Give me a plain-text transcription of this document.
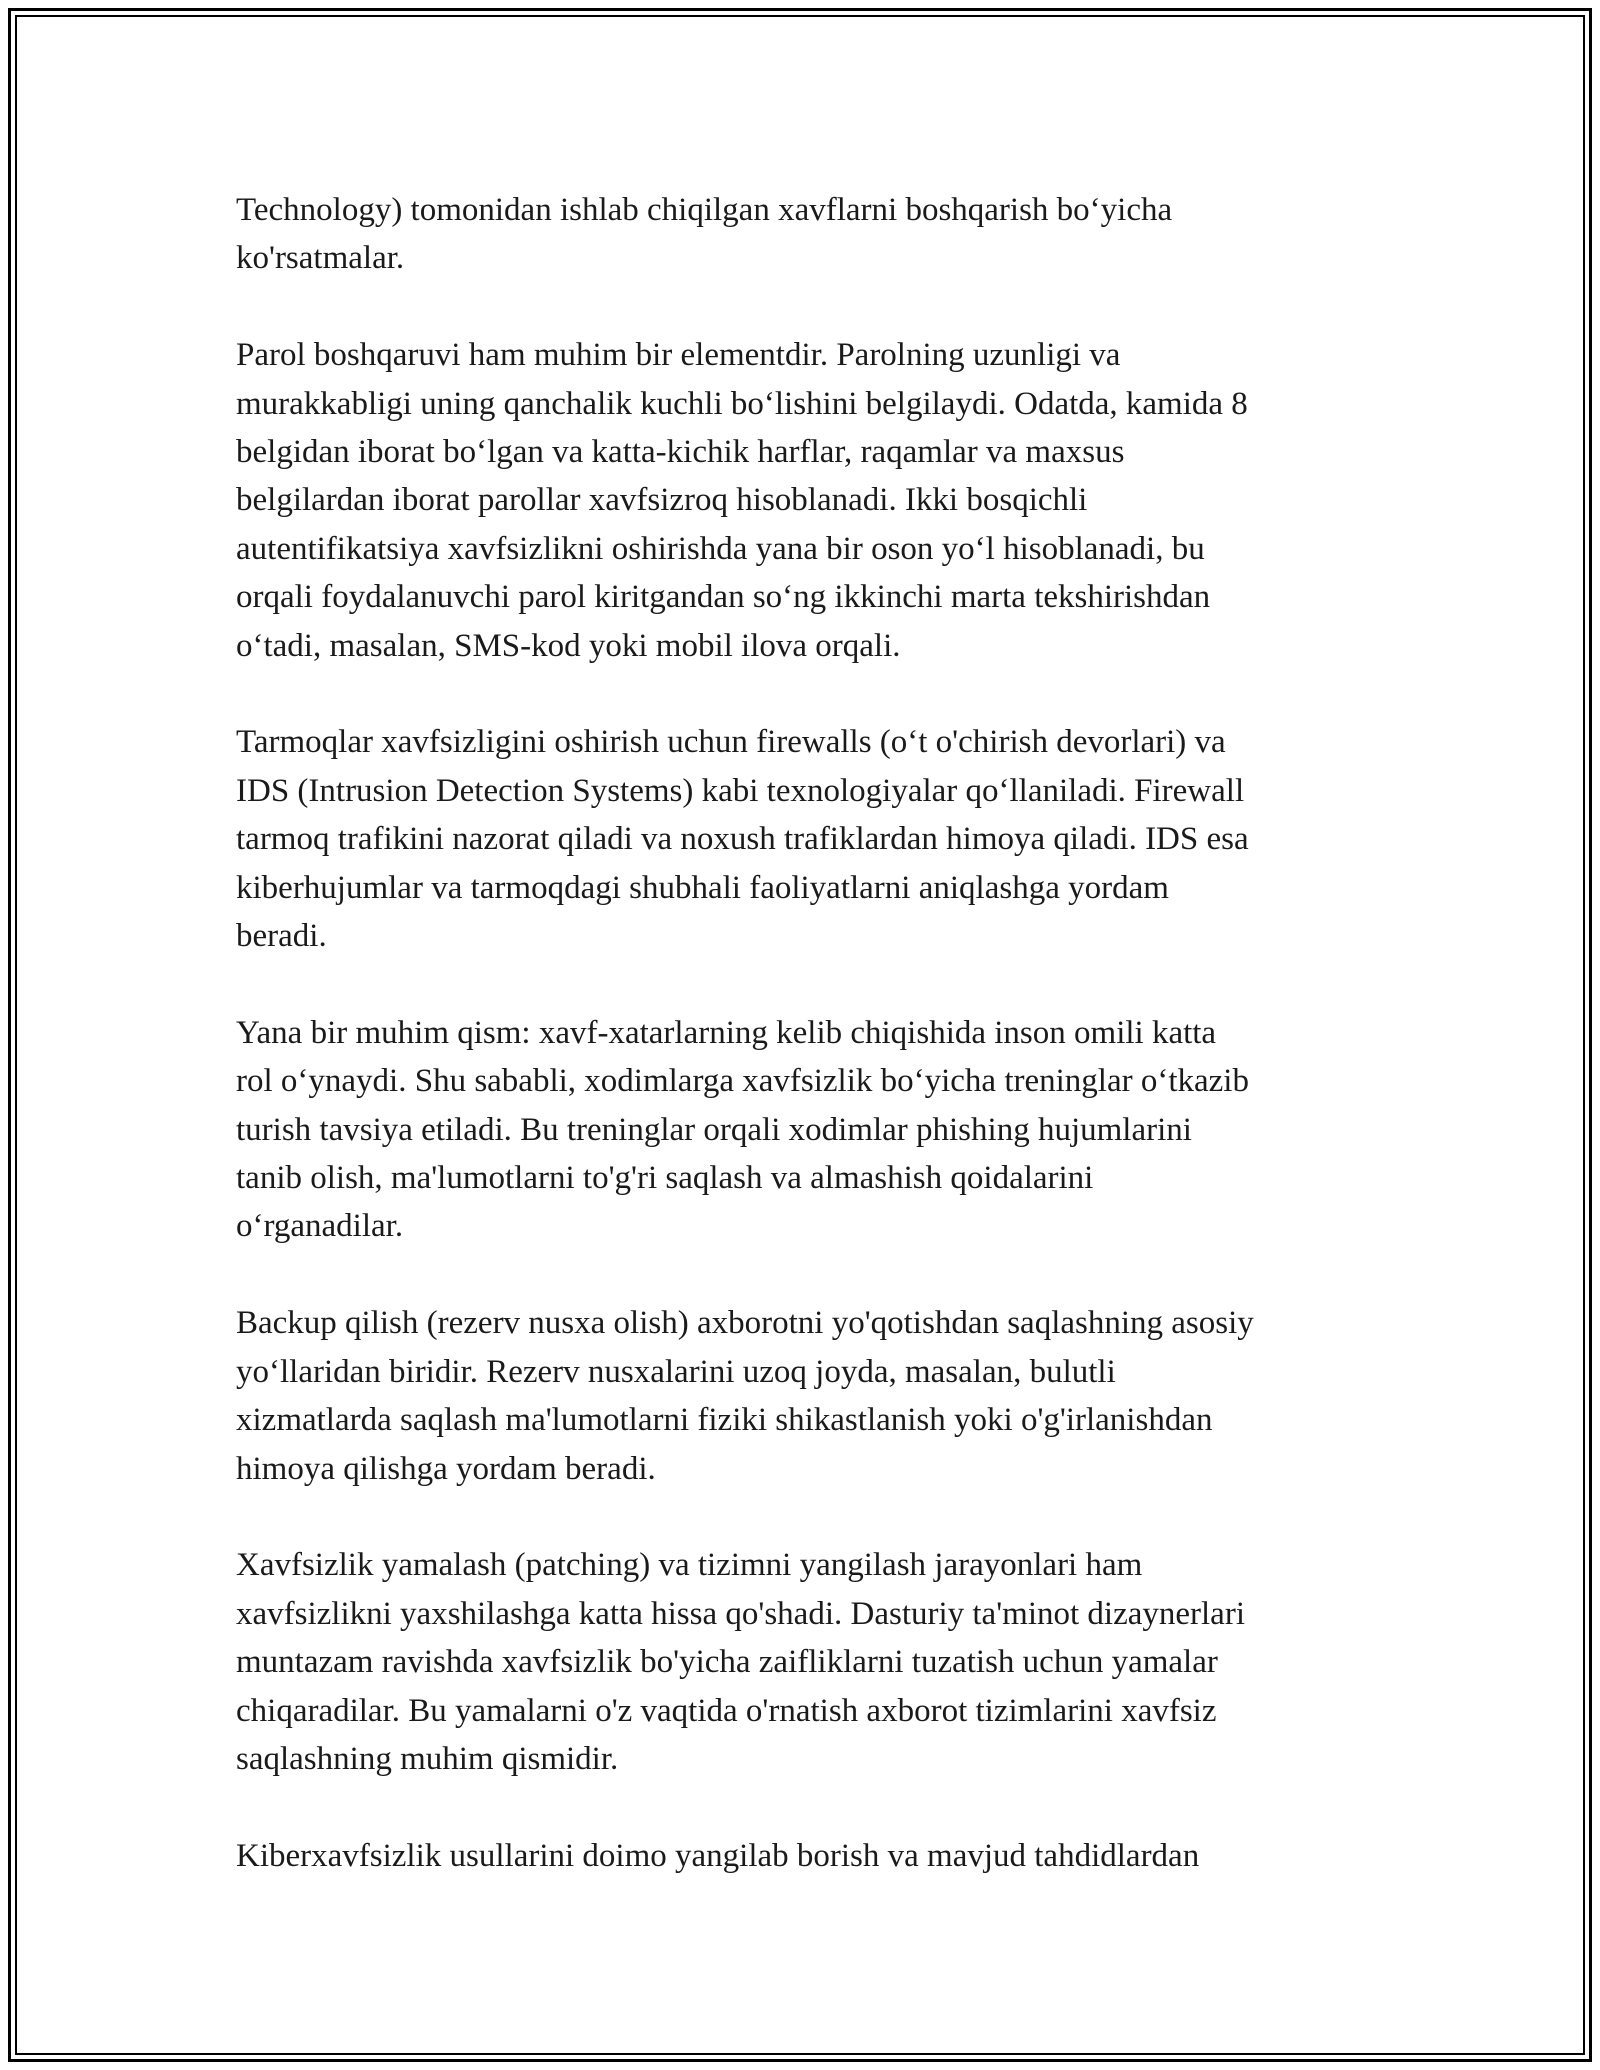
Technology) tomonidan ishlab chiqilgan xavflarni boshqarish bo‘yicha
ko'rsatmalar.

Parol boshqaruvi ham muhim bir elementdir. Parolning uzunligi va
murakkabligi uning qanchalik kuchli bo‘lishini belgilaydi. Odatda, kamida 8
belgidan iborat bo‘lgan va katta-kichik harflar, raqamlar va maxsus
belgilardan iborat parollar xavfsizroq hisoblanadi. Ikki bosqichli
autentifikatsiya xavfsizlikni oshirishda yana bir oson yo‘l hisoblanadi, bu
orqali foydalanuvchi parol kiritgandan so‘ng ikkinchi marta tekshirishdan
o‘tadi, masalan, SMS-kod yoki mobil ilova orqali.

Tarmoqlar xavfsizligini oshirish uchun firewalls (o‘t o'chirish devorlari) va
IDS (Intrusion Detection Systems) kabi texnologiyalar qo‘llaniladi. Firewall
tarmoq trafikini nazorat qiladi va noxush trafiklardan himoya qiladi. IDS esa
kiberhujumlar va tarmoqdagi shubhali faoliyatlarni aniqlashga yordam
beradi.

Yana bir muhim qism: xavf-xatarlarning kelib chiqishida inson omili katta
rol o‘ynaydi. Shu sababli, xodimlarga xavfsizlik bo‘yicha treninglar o‘tkazib
turish tavsiya etiladi. Bu treninglar orqali xodimlar phishing hujumlarini
tanib olish, ma'lumotlarni to'g'ri saqlash va almashish qoidalarini
o‘rganadilar.

Backup qilish (rezerv nusxa olish) axborotni yo'qotishdan saqlashning asosiy
yo‘llaridan biridir. Rezerv nusxalarini uzoq joyda, masalan, bulutli
xizmatlarda saqlash ma'lumotlarni fiziki shikastlanish yoki o'g'irlanishdan
himoya qilishga yordam beradi.

Xavfsizlik yamalash (patching) va tizimni yangilash jarayonlari ham
xavfsizlikni yaxshilashga katta hissa qo'shadi. Dasturiy ta'minot dizaynerlari
muntazam ravishda xavfsizlik bo'yicha zaifliklarni tuzatish uchun yamalar
chiqaradilar. Bu yamalarni o'z vaqtida o'rnatish axborot tizimlarini xavfsiz
saqlashning muhim qismidir.

Kiberxavfsizlik usullarini doimo yangilab borish va mavjud tahdidlardan
